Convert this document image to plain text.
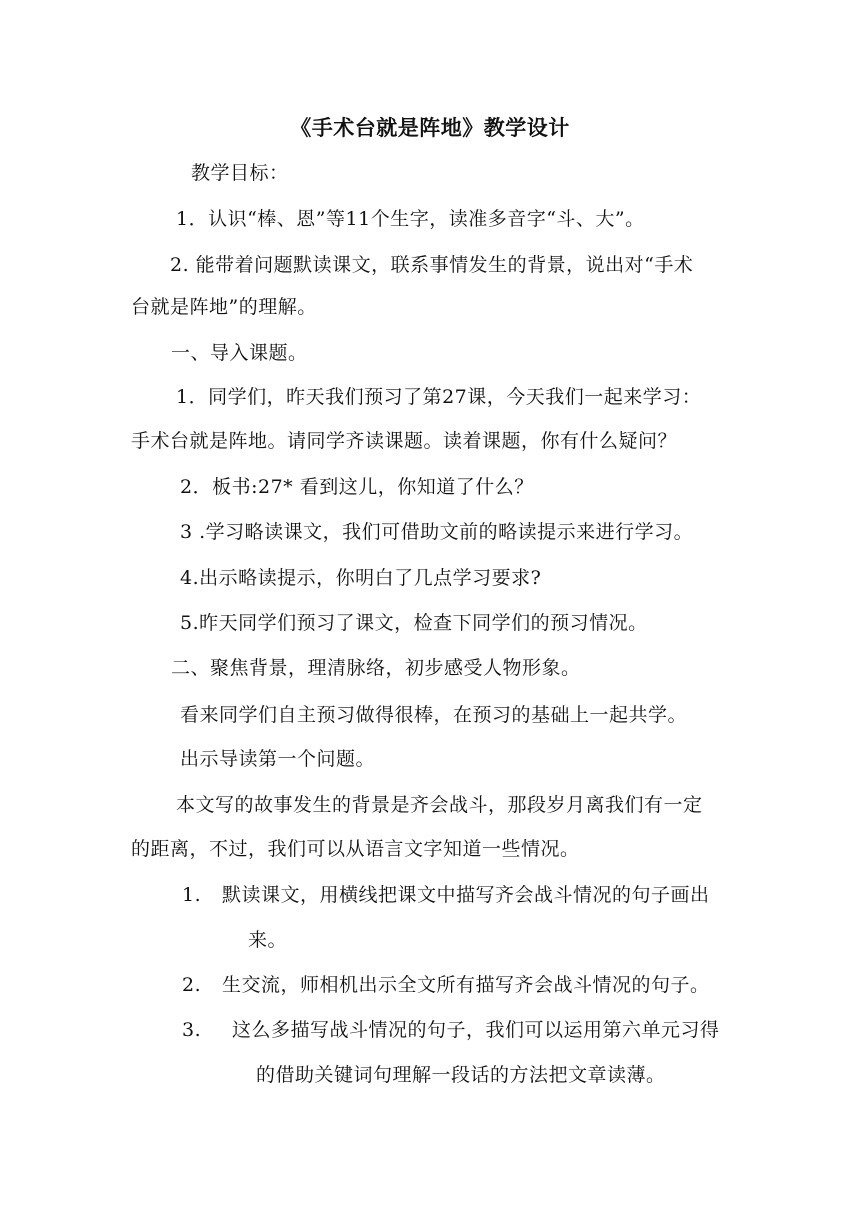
《手术台就是阵地》教学设计
教学目标：
1．认识“棒、恩”等11个生字，读准多音字“斗、大”。
2. 能带着问题默读课文，联系事情发生的背景，说出对“手术
台就是阵地”的理解。
一、导入课题。
1．同学们，昨天我们预习了第27课，今天我们一起来学习：
手术台就是阵地。请同学齐读课题。读着课题，你有什么疑问？
2．板书:27* 看到这儿，你知道了什么？
3 .学习略读课文，我们可借助文前的略读提示来进行学习。
4.出示略读提示，你明白了几点学习要求?
5.昨天同学们预习了课文，检查下同学们的预习情况。
二、聚焦背景，理清脉络，初步感受人物形象。
看来同学们自主预习做得很棒，在预习的基础上一起共学。
出示导读第一个问题。
本文写的故事发生的背景是齐会战斗，那段岁月离我们有一定
的距离，不过，我们可以从语言文字知道一些情况。
1. 默读课文，用横线把课文中描写齐会战斗情况的句子画出
来。
2. 生交流，师相机出示全文所有描写齐会战斗情况的句子。
3. 这么多描写战斗情况的句子，我们可以运用第六单元习得
的借助关键词句理解一段话的方法把文章读薄。
